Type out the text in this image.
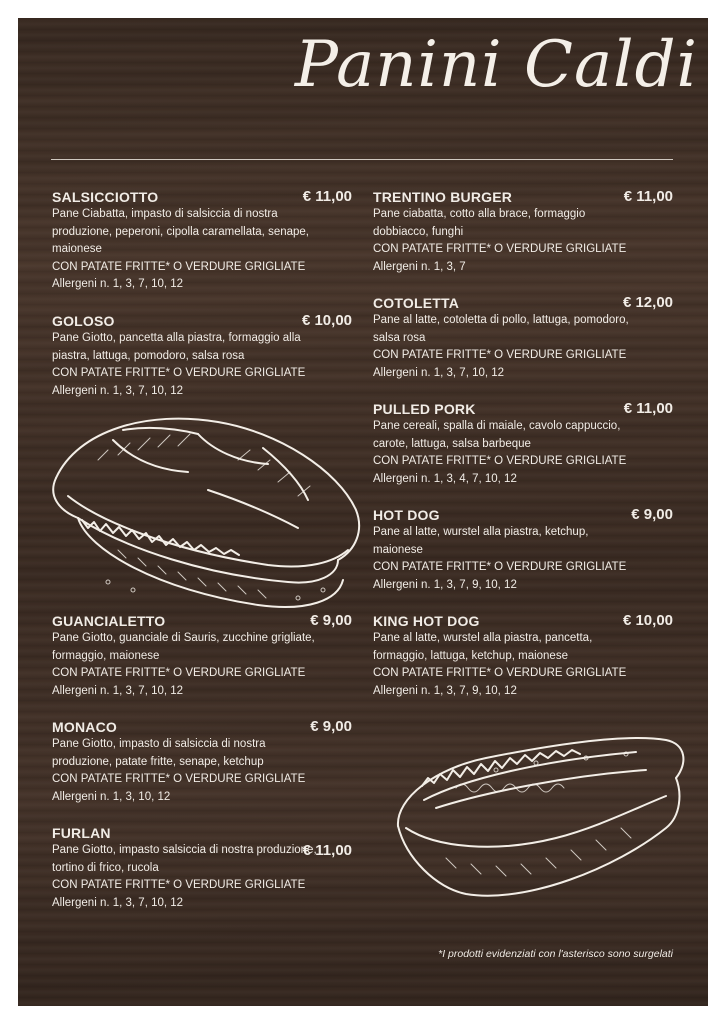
Panini Caldi
SALSICCIOTTO	€ 11,00
Pane Ciabatta, impasto di salsiccia di nostra
produzione, peperoni, cipolla caramellata, senape,
maionese
CON PATATE FRITTE* O VERDURE GRIGLIATE
Allergeni n. 1, 3, 7, 10, 12
GOLOSO	€ 10,00
Pane Giotto, pancetta alla piastra, formaggio alla
piastra, lattuga, pomodoro, salsa rosa
CON PATATE FRITTE* O VERDURE GRIGLIATE
Allergeni n. 1, 3, 7, 10, 12
GUANCIALETTO	€ 9,00
Pane Giotto, guanciale di Sauris, zucchine grigliate,
formaggio, maionese
CON PATATE FRITTE* O VERDURE GRIGLIATE
Allergeni n. 1, 3, 7, 10, 12
MONACO	€ 9,00
Pane Giotto, impasto di salsiccia di nostra
produzione, patate fritte, senape, ketchup
CON PATATE FRITTE* O VERDURE GRIGLIATE
Allergeni n. 1, 3, 10, 12
FURLAN
€ 11,00
Pane Giotto, impasto salsiccia di nostra produzione,
tortino di frico, rucola
CON PATATE FRITTE* O VERDURE GRIGLIATE
Allergeni n. 1, 3, 7, 10, 12
TRENTINO BURGER	€ 11,00
Pane ciabatta, cotto alla brace, formaggio
dobbiacco, funghi
CON PATATE FRITTE* O VERDURE GRIGLIATE
Allergeni n. 1, 3, 7
COTOLETTA	€ 12,00
Pane al latte, cotoletta di pollo, lattuga, pomodoro,
salsa rosa
CON PATATE FRITTE* O VERDURE GRIGLIATE
Allergeni n. 1, 3, 7, 10, 12
PULLED PORK	€ 11,00
Pane cereali, spalla di maiale, cavolo cappuccio,
carote, lattuga, salsa barbeque
CON PATATE FRITTE* O VERDURE GRIGLIATE
Allergeni n. 1, 3, 4, 7, 10, 12
HOT DOG	€ 9,00
Pane al latte, wurstel alla piastra, ketchup,
maionese
CON PATATE FRITTE* O VERDURE GRIGLIATE
Allergeni n. 1, 3, 7, 9, 10, 12
KING HOT DOG	€ 10,00
Pane al latte, wurstel alla piastra, pancetta,
formaggio, lattuga, ketchup, maionese
CON PATATE FRITTE* O VERDURE GRIGLIATE
Allergeni n. 1, 3, 7, 9, 10, 12
*I prodotti evidenziati con l'asterisco sono surgelati
